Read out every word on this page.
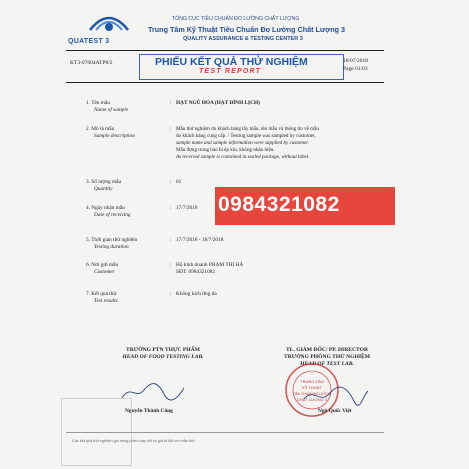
QUATEST 3
TỔNG CỤC TIÊU CHUẨN ĐO LƯỜNG CHẤT LƯỢNG
Trung Tâm Kỹ Thuật Tiêu Chuẩn Đo Lường Chất Lượng 3
QUALITY ASSURANCE & TESTING CENTER 3
KT3-07604ATP8/2	PHIẾU KẾT QUẢ THỬ NGHIỆM
TEST REPORT
18/07/2018
Page 01/03
1. Tên mẫu
Name of sample
: HẠT NGŨ HOA (HẠT ĐÌNH LỊCH)
2. Mô tả mẫu
Sample description
: Mẫu thử nghiệm do khách hàng lấy mẫu, tên mẫu và thông tin về mẫu
do khách hàng cung cấp. / Testing sample was sampled by customer,
sample name and sample information were supplied by customer.
Mẫu đựng trong bao bì ép kín, không nhãn hiệu.
As received sample is contained in sealed package, without label.
3. Số lượng mẫu
Quantity
: 01
4. Ngày nhận mẫu
Date of receiving
: 17/7/2018 0984321082
5. Thời gian thử nghiệm
Testing duration
: 17/7/2018 - 18/7/2018
6. Nơi gửi mẫu
Customer
: Hộ kinh doanh PHẠM THỊ HÀ
SĐT: 0984321082
7. Kết quả thử
Test results
: Không kích ứng da
TRƯỞNG PTN THỰC PHẨM
HEAD OF FOOD TESTING LAB.
TL. GIÁM ĐỐC/ PP. DIRECTOR
TRƯỞNG PHÒNG THỬ NGHIỆM
HEAD OF TEST LAB.
TRUNG TÂM
KỸ THUẬT
TIÊU CHUẨN ĐO LƯỜNG
CHẤT LƯỢNG 3
Nguyễn Thành Công	Ngô Quốc Việt
Các kết quả thử nghiệm ghi trong phiếu này chỉ có giá trị đối với mẫu thử
